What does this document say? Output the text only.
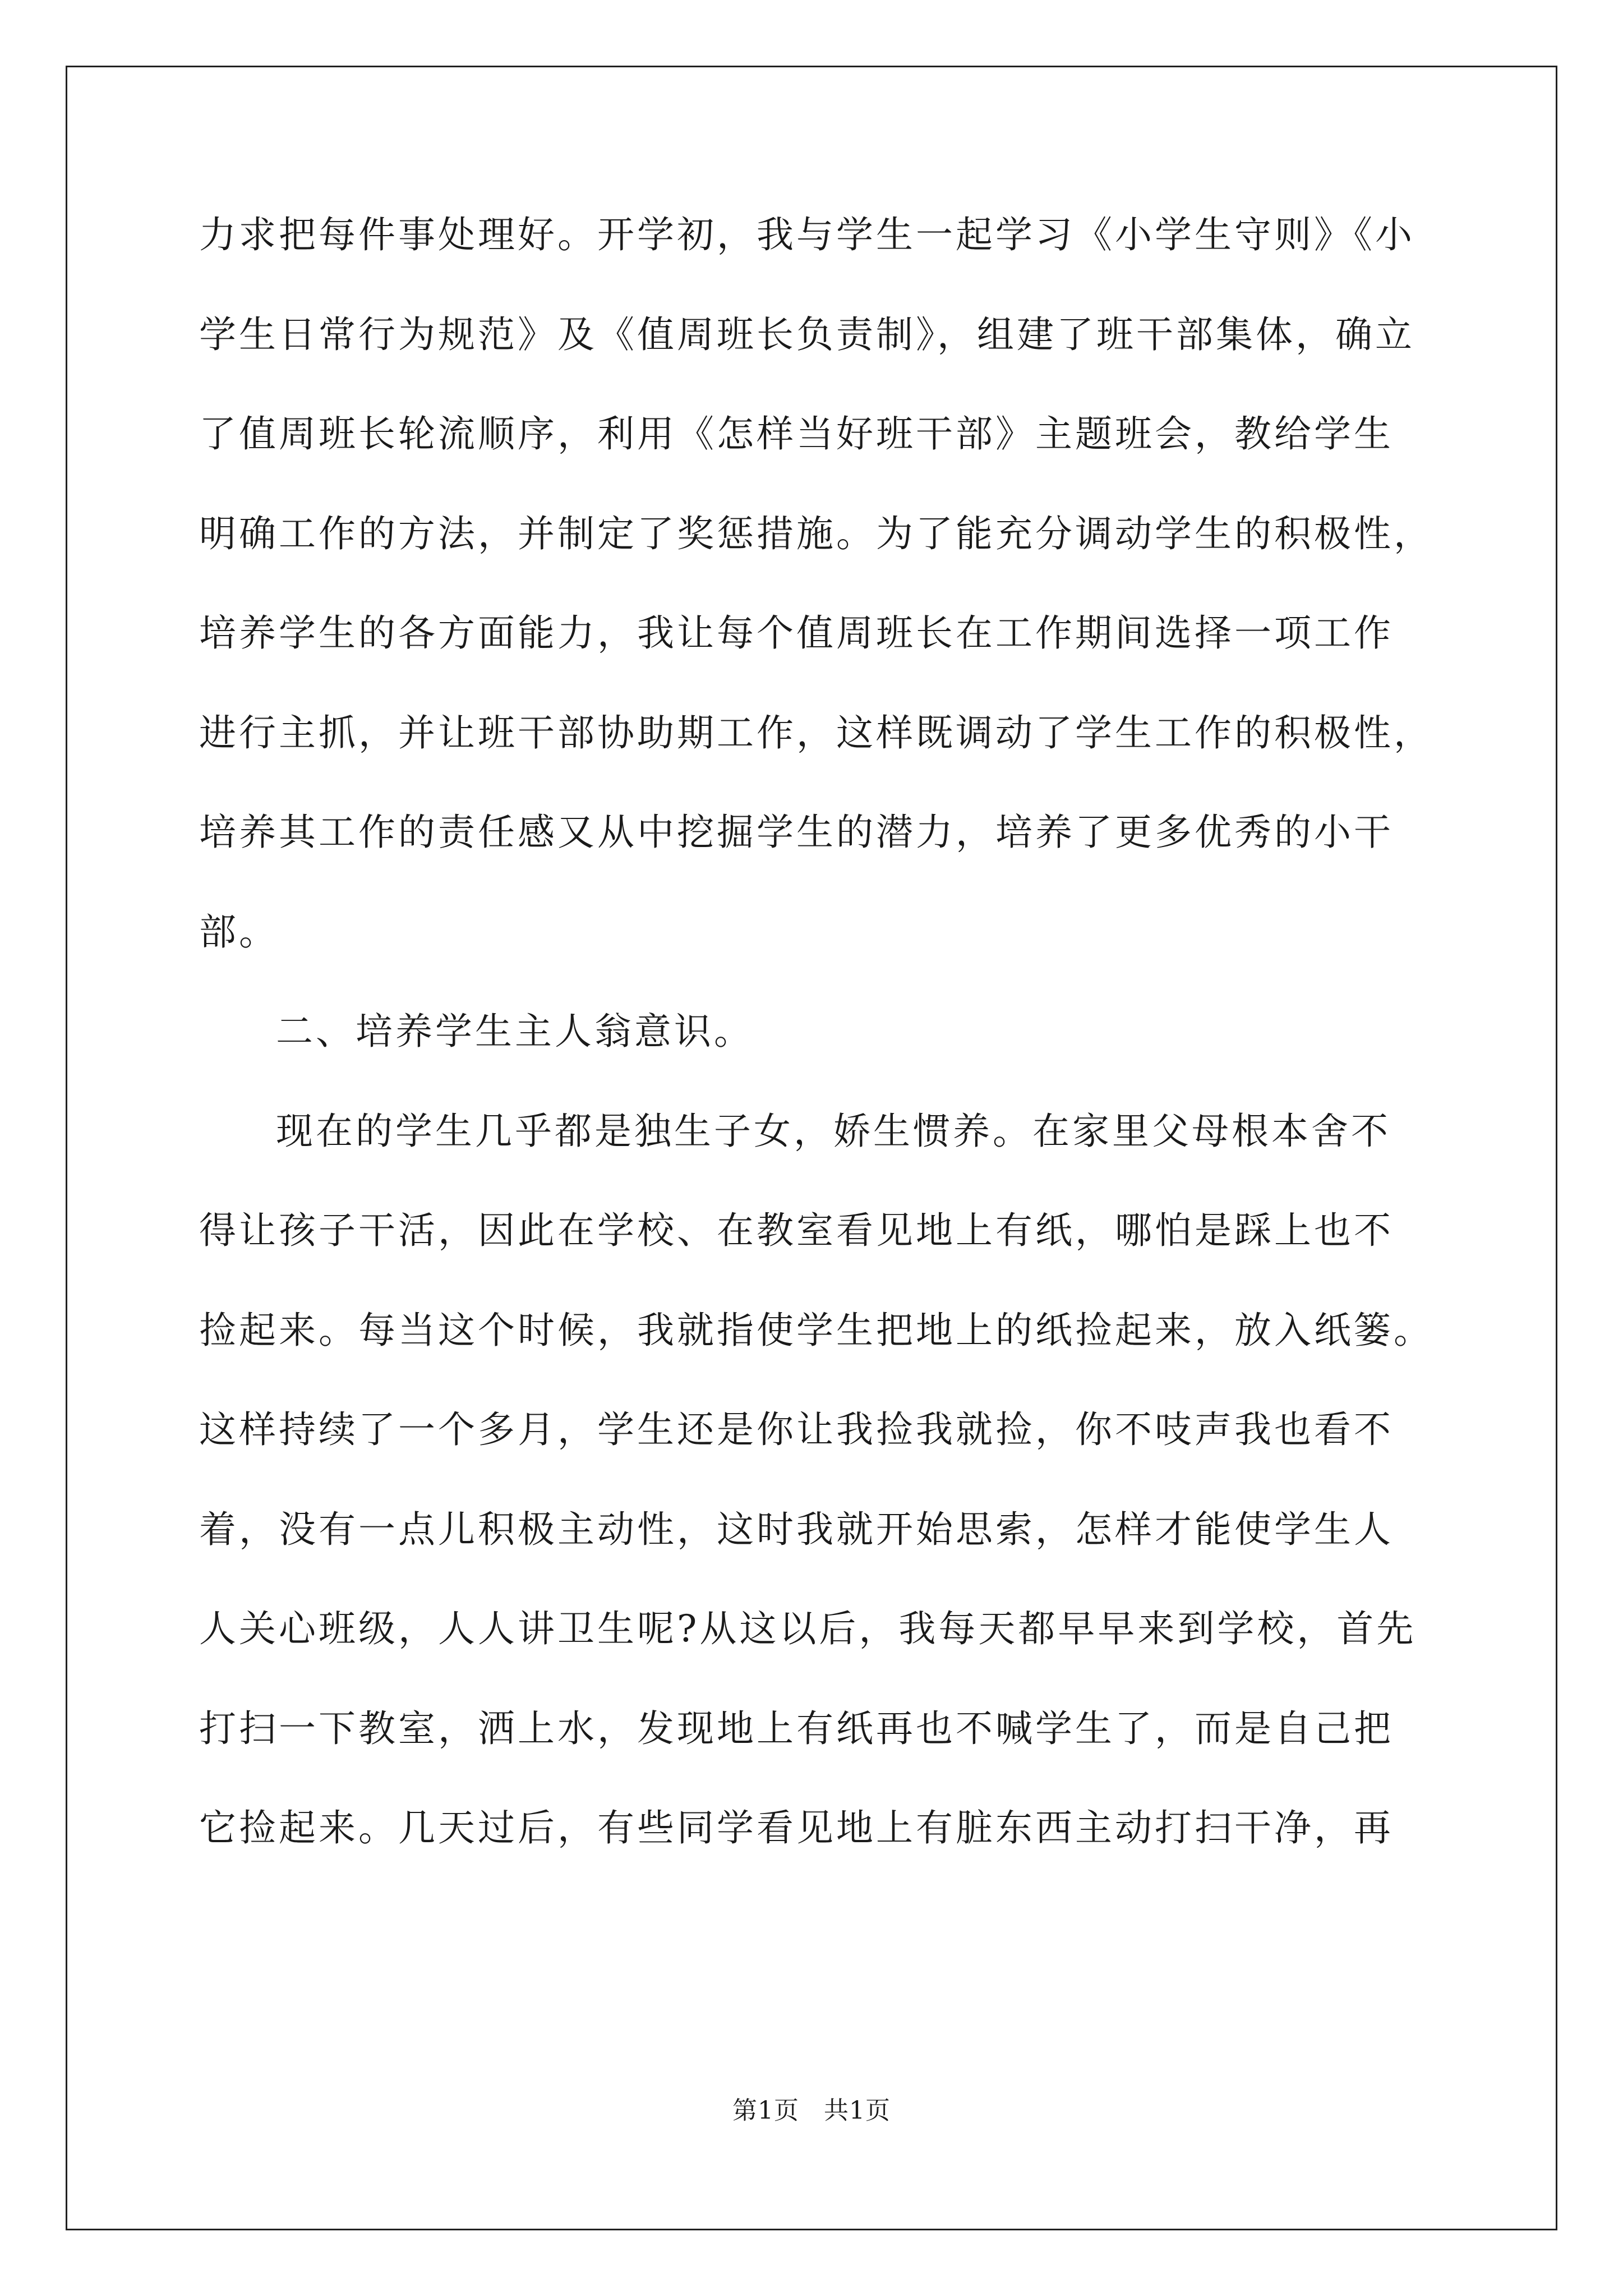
力求把每件事处理好。开学初，我与学生一起学习《小学生守则》《小
学生日常行为规范》及《值周班长负责制》，组建了班干部集体，确立
了值周班长轮流顺序，利用《怎样当好班干部》主题班会，教给学生
明确工作的方法，并制定了奖惩措施。为了能充分调动学生的积极性，
培养学生的各方面能力，我让每个值周班长在工作期间选择一项工作
进行主抓，并让班干部协助期工作，这样既调动了学生工作的积极性，
培养其工作的责任感又从中挖掘学生的潜力，培养了更多优秀的小干
部。
二、培养学生主人翁意识。
现在的学生几乎都是独生子女，娇生惯养。在家里父母根本舍不
得让孩子干活，因此在学校、在教室看见地上有纸，哪怕是踩上也不
捡起来。每当这个时候，我就指使学生把地上的纸捡起来，放入纸篓。
这样持续了一个多月，学生还是你让我捡我就捡，你不吱声我也看不
着，没有一点儿积极主动性，这时我就开始思索，怎样才能使学生人
人关心班级，人人讲卫生呢?从这以后，我每天都早早来到学校，首先
打扫一下教室，洒上水，发现地上有纸再也不喊学生了，而是自己把
它捡起来。几天过后，有些同学看见地上有脏东西主动打扫干净，再
第1页 共1页
